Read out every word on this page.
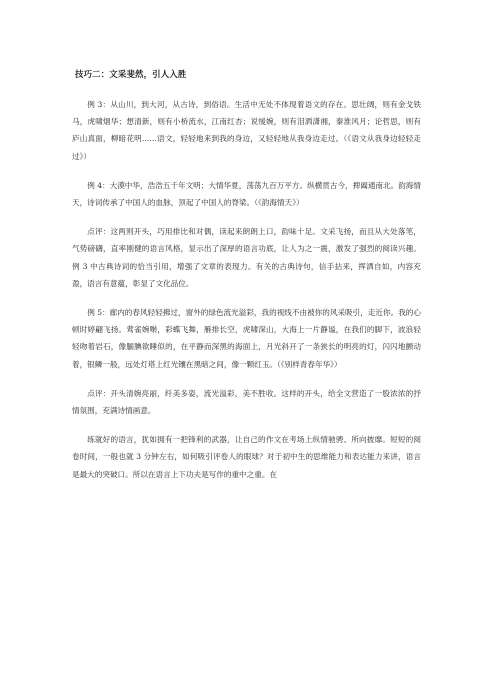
技巧二：文采斐然，引人入胜

例 3：从山川，到大河，从古诗，到俗语。生活中无处不体现着语文的存在。思壮阔，则有金戈铁马，虎啸烟华；想清新，则有小桥流水，江南红杏；说缓婉，则有泪洒潇湘，秦淮风月；论哲思，则有庐山真面，柳暗花明……语文，轻轻地来到我的身边，又轻轻地从我身边走过。（《语文从我身边轻轻走过》）

例 4：大漠中华，浩浩五千年文明；大情华夏，荡荡九百万平方。纵横贯古今，捭阖通南北。韵海情天，诗词传承了中国人的血脉，顶起了中国人的脊梁。（《韵海情天》）

点评：这两则开头，巧用排比和对偶，读起来朗朗上口，韵味十足。文采飞扬，而且从大处落笔，气势磅礴，直率刚健的语言风格，显示出了深厚的语言功底，让人为之一震，激发了强烈的阅读兴趣。例 3 中古典诗词的恰当引用，增强了文章的表现力。有关的古典诗句，信手拈来，挥洒自如，内容充盈，语言有意蕴，彰显了文化品位。

例 5：廊内的春风轻轻拂过，窗外的绿色流光溢彩，我的视线不由被你的风采吸引，走近你。我的心顿时婷翩飞扬。莺雀婉啭，彩蝶飞舞，雁排长空，虎啸深山，大海上一片静谧，在我们的脚下，波浪轻轻吻着岩石，像腼腆欲睡似的，在平静而深黑的海面上，月光斜开了一条狭长的明亮的灯，闪闪地颤动着，银鳞一般，远处灯塔上红光镶在黑暗之间，像一颗红玉。（《别样青春年华》）

点评：开头清婉亮丽，纤美多姿，流光溢彩，美不胜收。这样的开头，给全文营造了一股浓浓的抒情氛围，充满诗情画意。

练就好的语言，犹如拥有一把锋利的武器，让自己的作文在考场上纵情驰骋、所向披靡。短短的阅卷时间，一般也就 3 分钟左右，如何吸引评卷人的眼球？对于初中生的思维能力和表达能力来讲，语言是最大的突破口。所以在语言上下功夫是写作的重中之重。在
